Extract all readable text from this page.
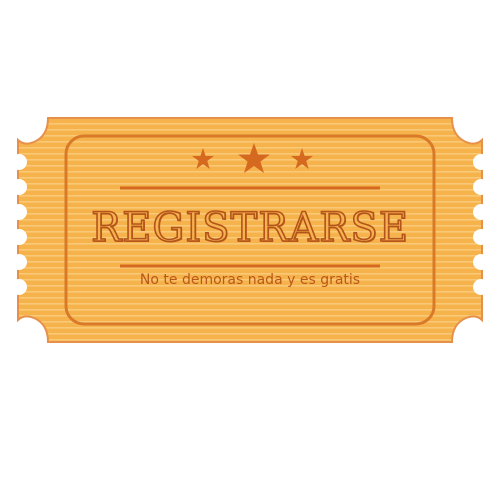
REGISTRARSE
No te demoras nada y es gratis
